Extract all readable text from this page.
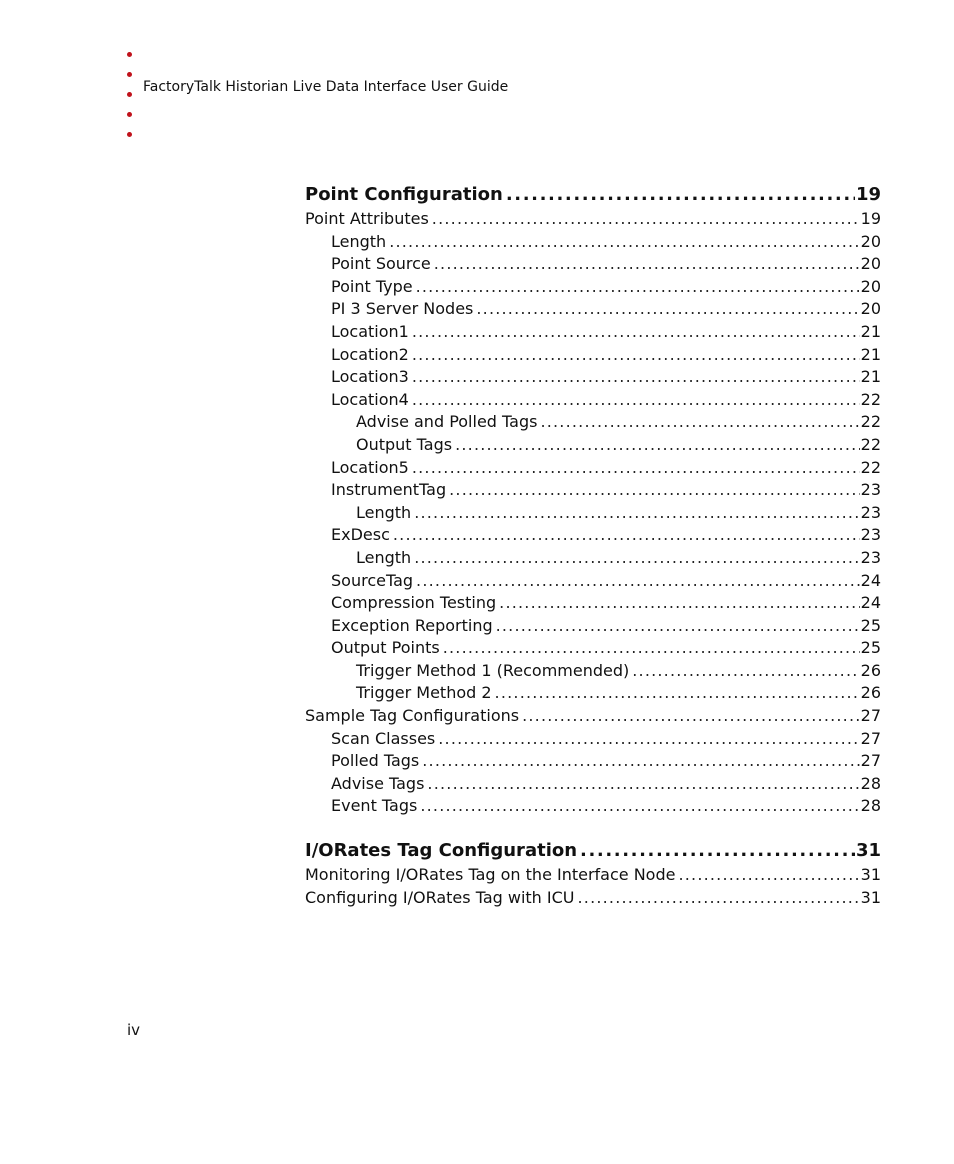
FactoryTalk Historian Live Data Interface User Guide
Point Configuration .....	19
Point Attributes .....	19
Length .....	20
Point Source .....	20
Point Type .....	20
PI 3 Server Nodes .....	20
Location1 .....	21
Location2 .....	21
Location3 .....	21
Location4 .....	22
Advise and Polled Tags .....	22
Output Tags .....	22
Location5 .....	22
InstrumentTag .....	23
Length .....	23
ExDesc .....	23
Length .....	23
SourceTag .....	24
Compression Testing .....	24
Exception Reporting .....	25
Output Points .....	25
Trigger Method 1 (Recommended) .....	26
Trigger Method 2 .....	26
Sample Tag Configurations .....	27
Scan Classes .....	27
Polled Tags .....	27
Advise Tags .....	28
Event Tags .....	28
I/ORates Tag Configuration .....	31
Monitoring I/ORates Tag on the Interface Node .....	31
Configuring I/ORates Tag with ICU .....	31
iv
